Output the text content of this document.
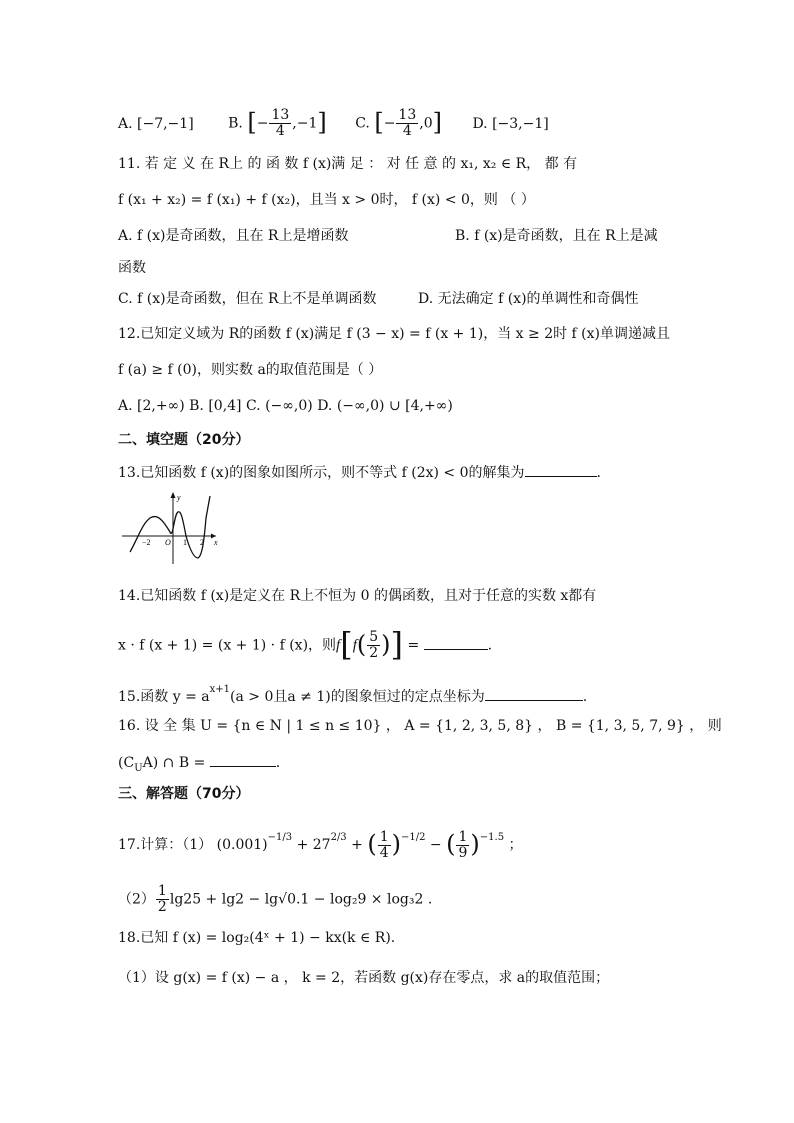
A. [−7,−1] B. [− $\frac{13}{4} ,-1$] C. [− $\frac{13}{4} ,0$] D. [−3,−1]
11. 若 定 义 在 R上 的 函 数 f (x)满 足 ： 对 任 意 的 x₁, x₂ ∈ R， 都 有
f (x₁ + x₂) = f (x₁) + f (x₂)，且当 x > 0时， f (x) < 0，则 （ ）
A. f (x)是奇函数，且在 R上是增函数	B. f (x)是奇函数，且在 R上是减
函数
C. f (x)是奇函数，但在 R上不是单调函数	D. 无法确定 f (x)的单调性和奇偶性
12.已知定义域为 R的函数 f (x)满足 f (3 − x) = f (x + 1)，当 x ≥ 2时 f (x)单调递减且
f (a) ≥ f (0)，则实数 a的取值范围是（ ）
A. [2,+∞) B. [0,4] C. (−∞,0) D. (−∞,0) ∪ [4,+∞)
二、填空题（20分）
13.已知函数 f (x)的图象如图所示，则不等式 f (2x) < 0的解集为	.
y
x
−2 O 1 2
14.已知函数 f (x)是定义在 R上不恒为 0 的偶函数，且对于任意的实数 x都有
x · f (x + 1) = (x + 1) · f (x)，则$f[f( \frac{5}{2}$ )] =	.
15.函数 $y = a^{x+1}(a > 0$且a ≠ 1)的图象恒过的定点坐标为	.
16. 设 全 集 U = {n ∈ N | 1 ≤ n ≤ 10} ， A = {1, 2, 3, 5, 8} ， B = {1, 3, 5, 7, 9} ， 则
$(C_UA)$ ∩ B =	.
三、解答题（70分）
17.计算：（1） $(0.001)^{-1/3} + 27^{2/3}$ + ( $\frac{1}{4} )^{-1/2}$ − ( $\frac{1}{9} )^{-1.5}$ ；
$(2) \frac{1}{2} \lg 25 + \lg 2 - \lg√0.1 - \log_29 \times \log_32$ .
18.已知 f (x) = log₂(4ˣ + 1) − kx(k ∈ R).
（1）设 g(x) = f (x) − a ， k = 2，若函数 g(x)存在零点，求 a的取值范围；
